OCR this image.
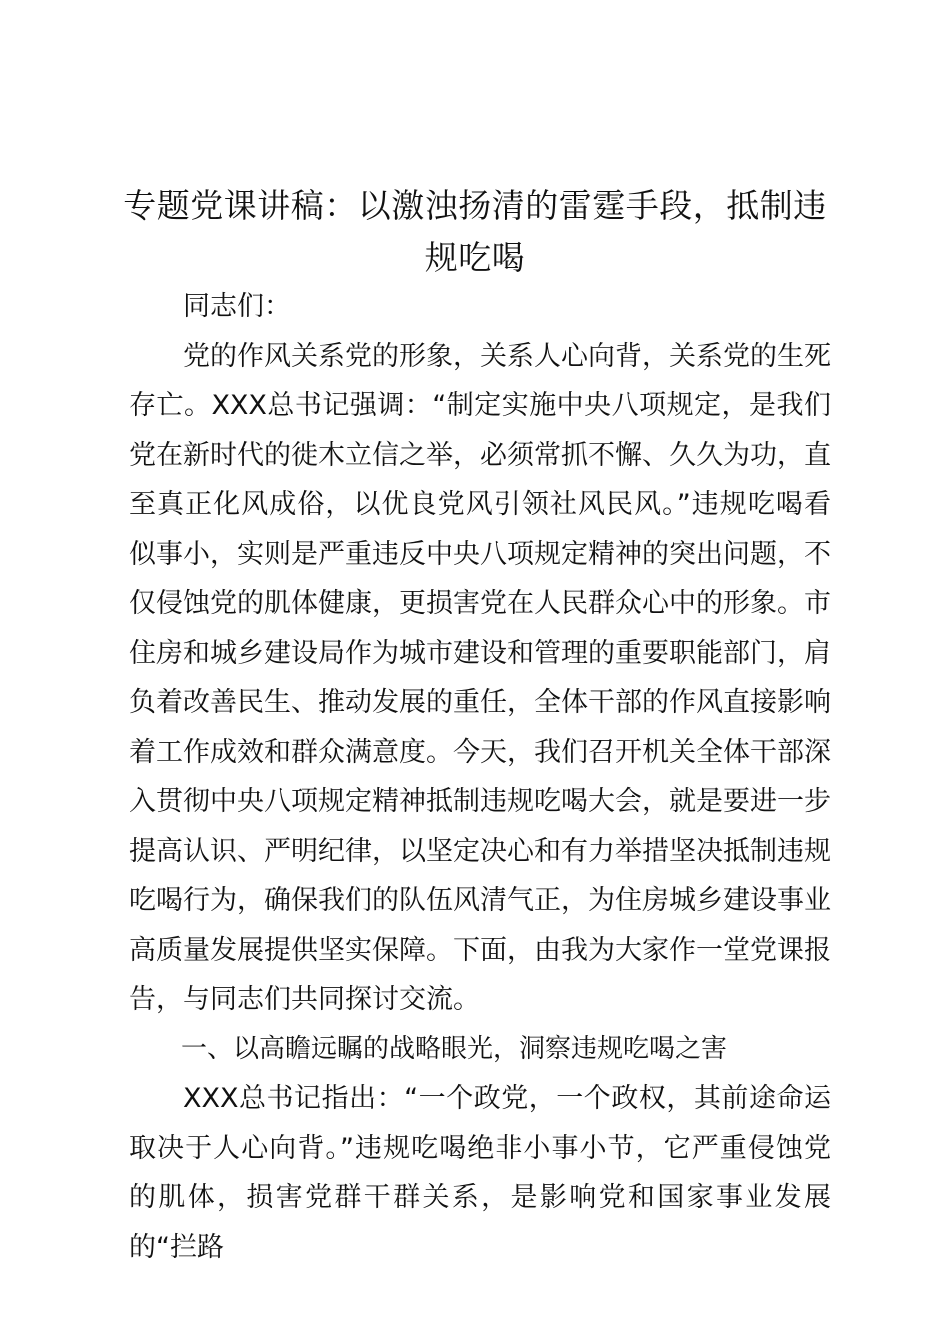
专题党课讲稿：以激浊扬清的雷霆手段，抵制违规吃喝

同志们：

党的作风关系党的形象，关系人心向背，关系党的生死存亡。XXX总书记强调：“制定实施中央八项规定，是我们党在新时代的徙木立信之举，必须常抓不懈、久久为功，直至真正化风成俗，以优良党风引领社风民风。”违规吃喝看似事小，实则是严重违反中央八项规定精神的突出问题，不仅侵蚀党的肌体健康，更损害党在人民群众心中的形象。市住房和城乡建设局作为城市建设和管理的重要职能部门，肩负着改善民生、推动发展的重任，全体干部的作风直接影响着工作成效和群众满意度。今天，我们召开机关全体干部深入贯彻中央八项规定精神抵制违规吃喝大会，就是要进一步提高认识、严明纪律，以坚定决心和有力举措坚决抵制违规吃喝行为，确保我们的队伍风清气正，为住房城乡建设事业高质量发展提供坚实保障。下面，由我为大家作一堂党课报告，与同志们共同探讨交流。

一、以高瞻远瞩的战略眼光，洞察违规吃喝之害

XXX总书记指出：“一个政党，一个政权，其前途命运取决于人心向背。”违规吃喝绝非小事小节，它严重侵蚀党的肌体，损害党群干群关系，是影响党和国家事业发展的“拦路
